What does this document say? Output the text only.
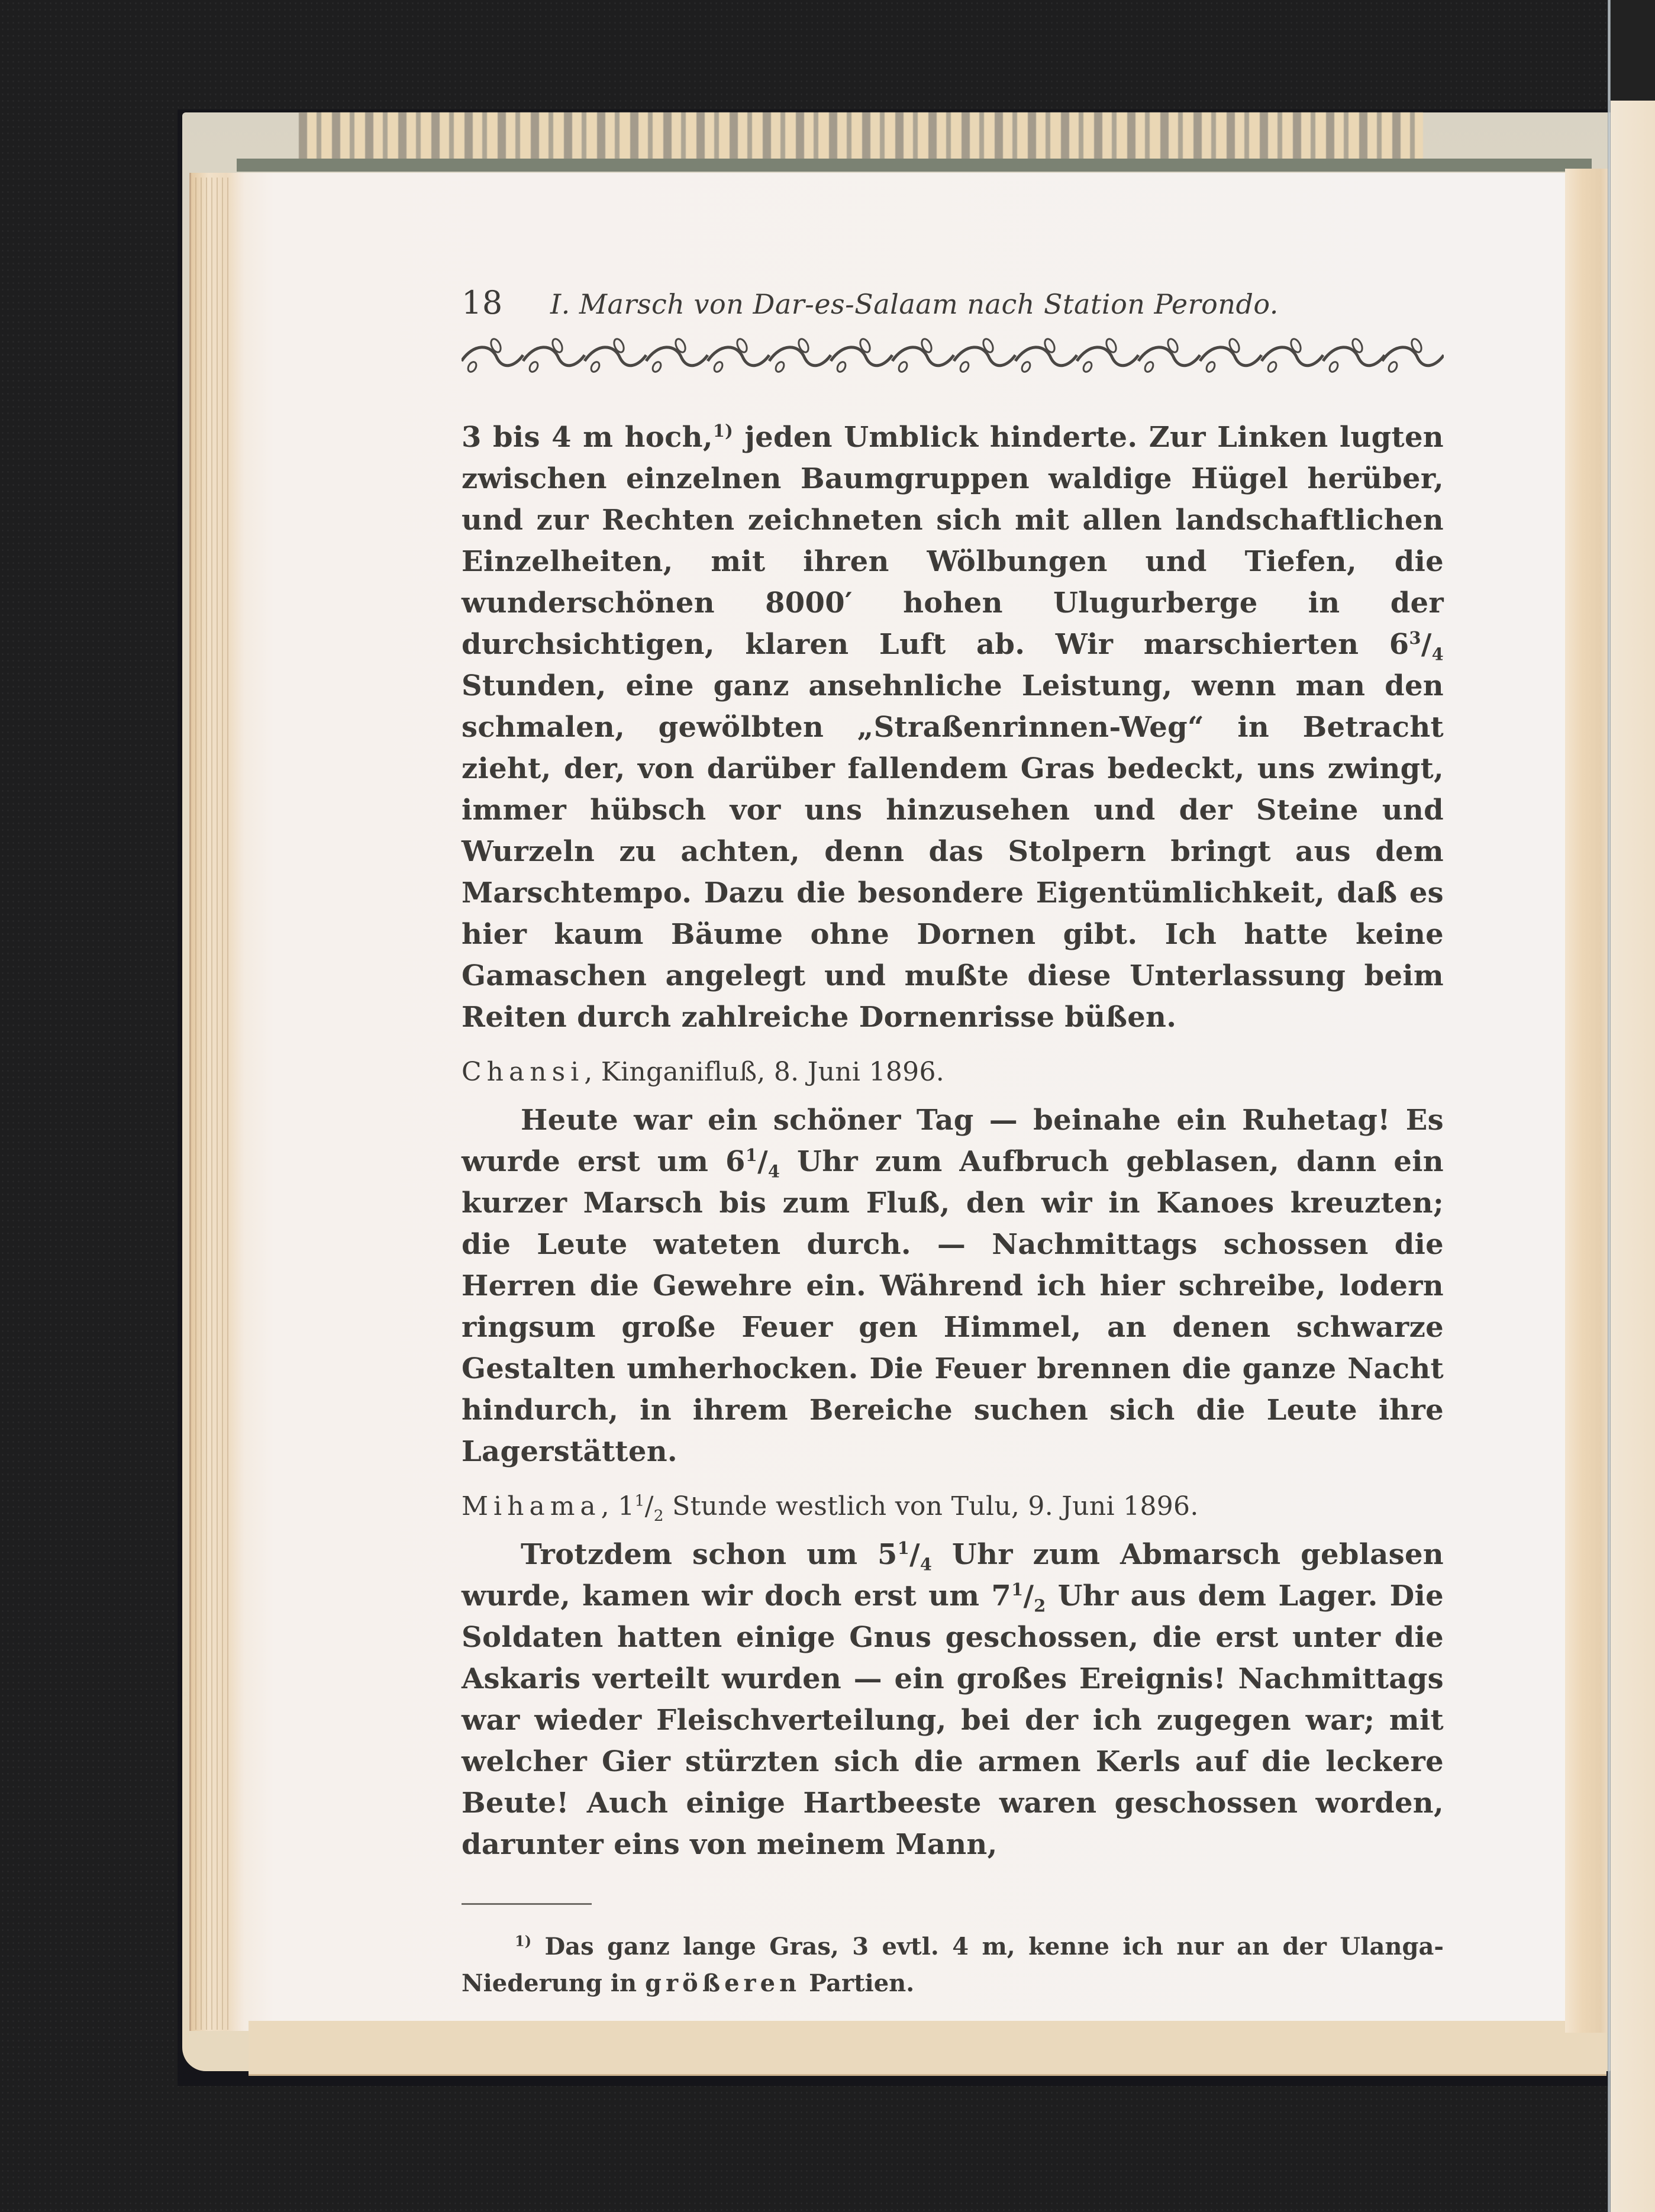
18	I. Marsch von Dar-es-Salaam nach Station Perondo.

3 bis 4 m hoch,$^{1)}$ jeden Umblick hinderte. Zur Linken lugten zwischen einzelnen Baumgruppen waldige Hügel herüber, und zur Rechten zeichneten sich mit allen landschaftlichen Einzelheiten, mit ihren Wölbungen und Tiefen, die wunderschönen 8000′ hohen Ulugurberge in der durchsichtigen, klaren Luft ab. Wir marschierten $6^3/_4$ Stunden, eine ganz ansehnliche Leistung, wenn man den schmalen, gewölbten „Straßenrinnen-Weg“ in Betracht zieht, der, von darüber fallendem Gras bedeckt, uns zwingt, immer hübsch vor uns hinzusehen und der Steine und Wurzeln zu achten, denn das Stolpern bringt aus dem Marschtempo. Dazu die besondere Eigentümlichkeit, daß es hier kaum Bäume ohne Dornen gibt. Ich hatte keine Gamaschen angelegt und mußte diese Unterlassung beim Reiten durch zahlreiche Dornenrisse büßen.

Chansi, Kinganifluß, 8. Juni 1896.

Heute war ein schöner Tag — beinahe ein Ruhetag! Es wurde erst um $6^1/_4$ Uhr zum Aufbruch geblasen, dann ein kurzer Marsch bis zum Fluß, den wir in Kanoes kreuzten; die Leute wateten durch. — Nachmittags schossen die Herren die Gewehre ein. Während ich hier schreibe, lodern ringsum große Feuer gen Himmel, an denen schwarze Gestalten umherhocken. Die Feuer brennen die ganze Nacht hindurch, in ihrem Bereiche suchen sich die Leute ihre Lagerstätten.

Mihama, $1^1/_2$ Stunde westlich von Tulu, 9. Juni 1896.

Trotzdem schon um $5^1/_4$ Uhr zum Abmarsch geblasen wurde, kamen wir doch erst um $7^1/_2$ Uhr aus dem Lager. Die Soldaten hatten einige Gnus geschossen, die erst unter die Askaris verteilt wurden — ein großes Ereignis! Nachmittags war wieder Fleischverteilung, bei der ich zugegen war; mit welcher Gier stürzten sich die armen Kerls auf die leckere Beute! Auch einige Hartbeeste waren geschossen worden, darunter eins von meinem Mann,

$^{1)}$ Das ganz lange Gras, 3 evtl. 4 m, kenne ich nur an der Ulanga-Niederung in größeren Partien.
